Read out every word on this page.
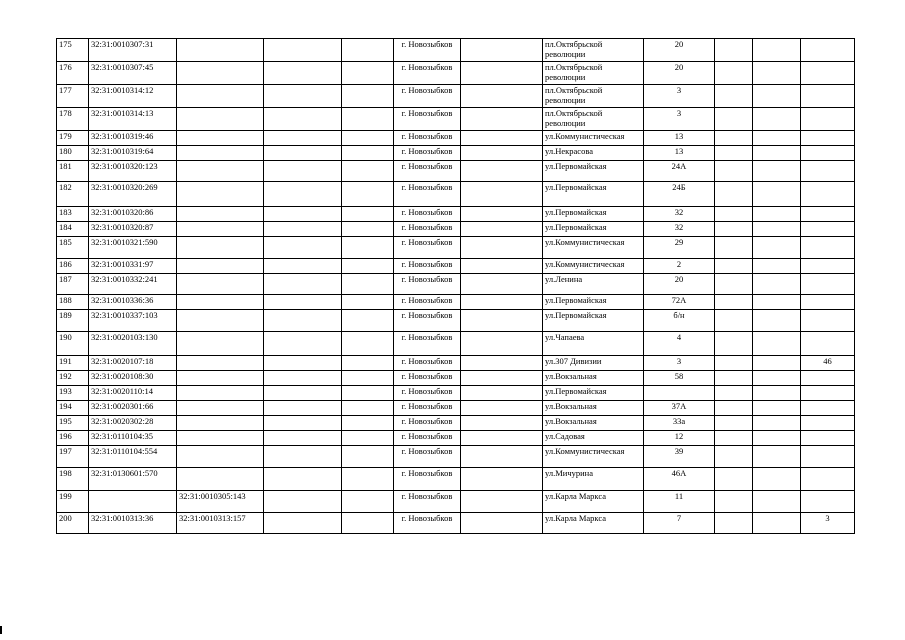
175	32:31:0010307:31				г. Новозыбков		пл.Октябрьской революции	20			
176	32:31:0010307:45				г. Новозыбков		пл.Октябрьской революции	20			
177	32:31:0010314:12				г. Новозыбков		пл.Октябрьской революции	3			
178	32:31:0010314:13				г. Новозыбков		пл.Октябрьской революции	3			
179	32:31:0010319:46				г. Новозыбков		ул.Коммунистическая	13			
180	32:31:0010319:64				г. Новозыбков		ул.Некрасова	13			
181	32:31:0010320:123				г. Новозыбков		ул.Первомайская	24А			
182	32:31:0010320:269				г. Новозыбков		ул.Первомайская	24Б			
183	32:31:0010320:86				г. Новозыбков		ул.Первомайская	32			
184	32:31:0010320:87				г. Новозыбков		ул.Первомайская	32			
185	32:31:0010321:590				г. Новозыбков		ул.Коммунистическая	29			
186	32:31:0010331:97				г. Новозыбков		ул.Коммунистическая	2			
187	32:31:0010332:241				г. Новозыбков		ул.Ленина	20			
188	32:31:0010336:36				г. Новозыбков		ул.Первомайская	72А			
189	32:31:0010337:103				г. Новозыбков		ул.Первомайская	б/н			
190	32:31:0020103:130				г. Новозыбков		ул.Чапаева	4			
191	32:31:0020107:18				г. Новозыбков		ул.307 Дивизии	3			46
192	32:31:0020108:30				г. Новозыбков		ул.Вокзальная	58			
193	32:31:0020110:14				г. Новозыбков		ул.Первомайская				
194	32:31:0020301:66				г. Новозыбков		ул.Вокзальная	37А			
195	32:31:0020302:28				г. Новозыбков		ул.Вокзальная	33а			
196	32:31:0110104:35				г. Новозыбков		ул.Садовая	12			
197	32:31:0110104:554				г. Новозыбков		ул.Коммунистическая	39			
198	32:31:0130601:570				г. Новозыбков		ул.Мичурина	46А			
199		32:31:0010305:143			г. Новозыбков		ул.Карла Маркса	11			
200	32:31:0010313:36	32:31:0010313:157			г. Новозыбков		ул.Карла Маркса	7			3
